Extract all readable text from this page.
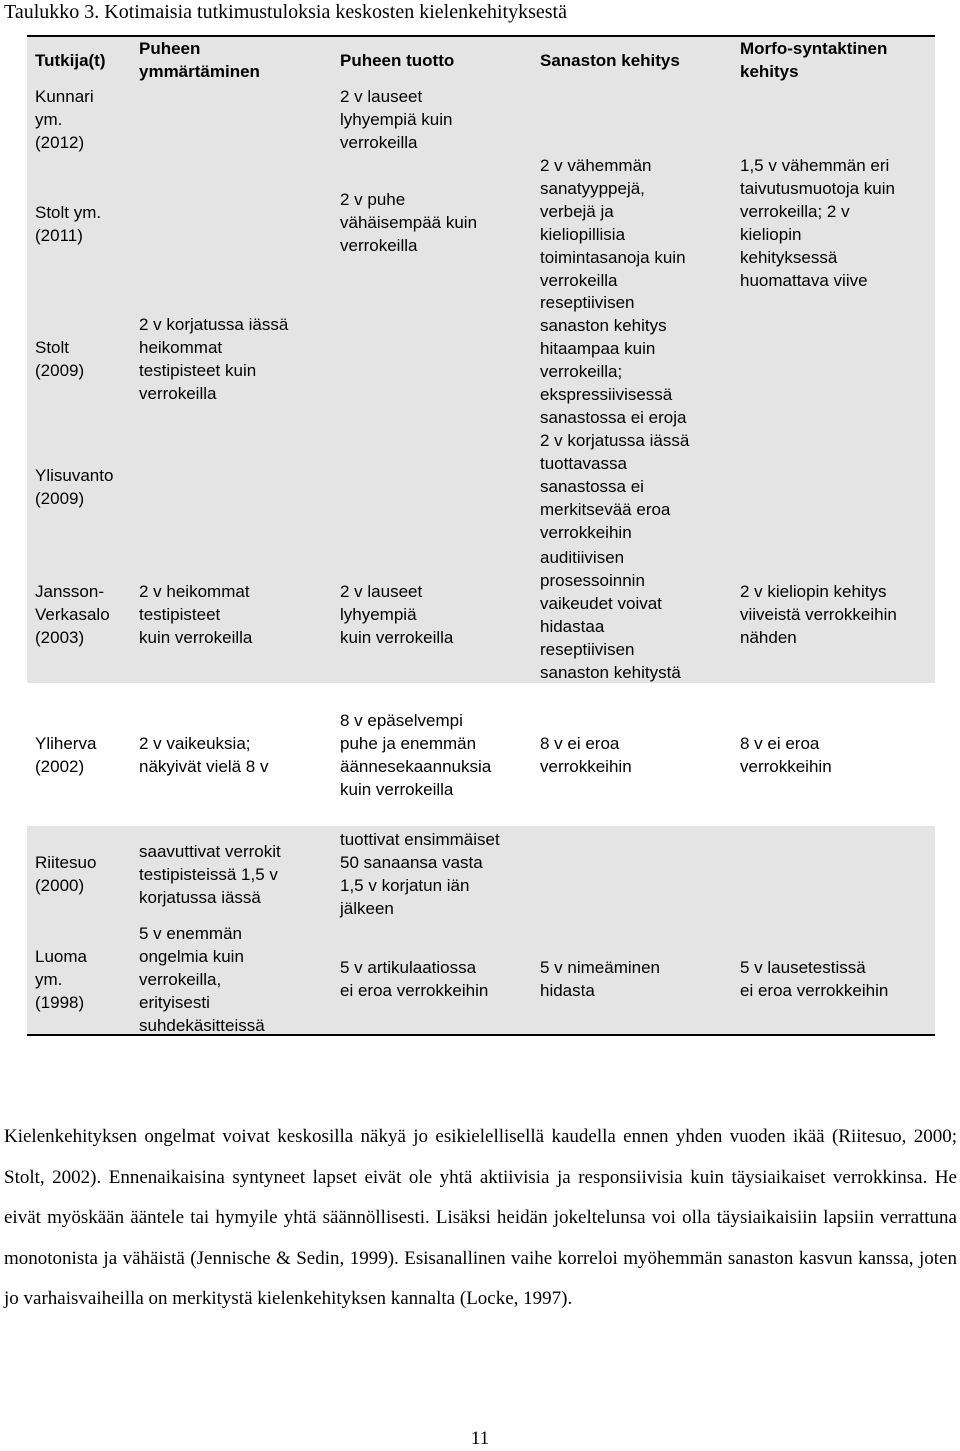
Taulukko 3. Kotimaisia tutkimustuloksia keskosten kielenkehityksestä
Tutkija(t)
Puheen
ymmärtäminen
Puheen tuotto	Sanaston kehitys
Morfo-syntaktinen
kehitys
Kunnari
ym.
(2012)
Stolt ym.
(2011)
Stolt
(2009)
Ylisuvanto
(2009)
Jansson-
Verkasalo
(2003)
Yliherva
(2002)
Riitesuo
(2000)
Luoma
ym.
(1998)
2 v korjatussa iässä
heikommat
testipisteet kuin
verrokeilla
2 v heikommat
testipisteet
kuin verrokeilla
2 v vaikeuksia;
näkyivät vielä 8 v
saavuttivat verrokit
testipisteissä 1,5 v
korjatussa iässä
5 v enemmän
ongelmia kuin
verrokeilla,
erityisesti
suhdekäsitteissä
2 v lauseet
lyhyempiä kuin
verrokeilla
2 v puhe
vähäisempää kuin
verrokeilla
2 v lauseet
lyhyempiä
kuin verrokeilla
8 v epäselvempi
puhe ja enemmän
äännesekaannuksia
kuin verrokeilla
tuottivat ensimmäiset
50 sanaansa vasta
1,5 v korjatun iän
jälkeen
5 v artikulaatiossa
ei eroa verrokkeihin
2 v vähemmän
sanatyyppejä,
verbejä ja
kieliopillisia
toimintasanoja kuin
verrokeilla
reseptiivisen
sanaston kehitys
hitaampaa kuin
verrokeilla;
ekspressiivisessä
sanastossa ei eroja
2 v korjatussa iässä
tuottavassa
sanastossa ei
merkitsevää eroa
verrokkeihin
auditiivisen
prosessoinnin
vaikeudet voivat
hidastaa
reseptiivisen
sanaston kehitystä
8 v ei eroa
verrokkeihin
5 v nimeäminen
hidasta
1,5 v vähemmän eri
taivutusmuotoja kuin
verrokeilla; 2 v
kieliopin
kehityksessä
huomattava viive
2 v kieliopin kehitys
viiveistä verrokkeihin
nähden
8 v ei eroa
verrokkeihin
5 v lausetestissä
ei eroa verrokkeihin

Kielenkehityksen ongelmat voivat keskosilla näkyä jo esikielellisellä kaudella ennen yhden vuoden ikää (Riitesuo, 2000; Stolt, 2002). Ennenaikaisina syntyneet lapset eivät ole yhtä aktiivisia ja responsiivisia kuin täysiaikaiset verrokkinsa. He eivät myöskään ääntele tai hymyile yhtä säännöllisesti. Lisäksi heidän jokeltelunsa voi olla täysiaikaisiin lapsiin verrattuna monotonista ja vähäistä (Jennische & Sedin, 1999). Esisanallinen vaihe korreloi myöhemmän sanaston kasvun kanssa, joten jo varhaisvaiheilla on merkitystä kielenkehityksen kannalta (Locke, 1997).

11
